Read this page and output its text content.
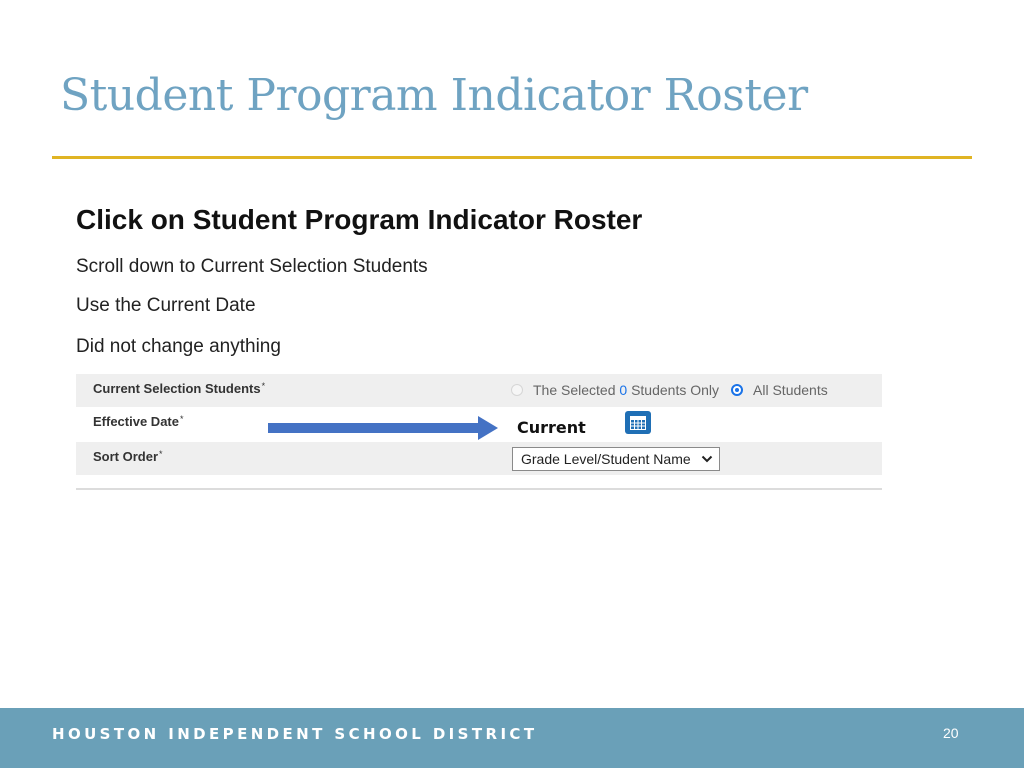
Student Program Indicator Roster
Click on Student Program Indicator Roster

Scroll down to Current Selection Students

Use the Current Date

Did not change anything

Current Selection Students*	The Selected 0 Students Only All Students
Effective Date*	Current
Sort Order*	Grade Level/Student Name

HOUSTON INDEPENDENT SCHOOL DISTRICT	20
